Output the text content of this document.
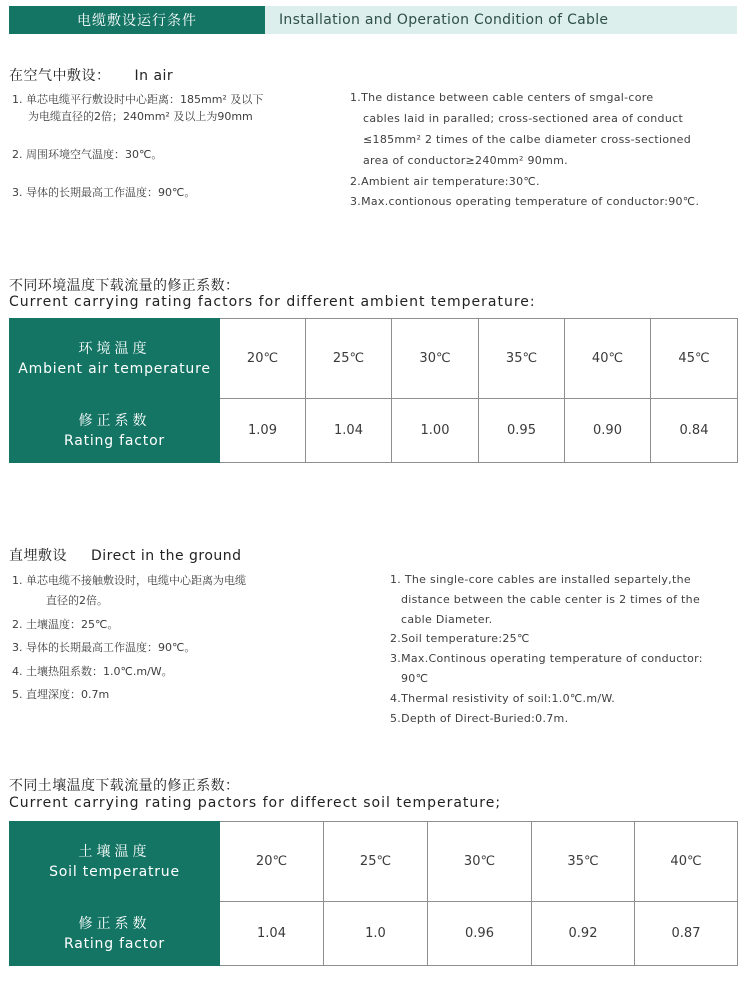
电缆敷设运行条件	Installation and Operation Condition of Cable
在空气中敷设： In air
1. 单芯电缆平行敷设时中心距离：185mm² 及以下
为电缆直径的2倍；240mm² 及以上为90mm
2. 周围环境空气温度：30℃。
3. 导体的长期最高工作温度：90℃。
1.The distance between cable centers of smgal-core
cables laid in paralled; cross-sectioned area of conduct
≤185mm² 2 times of the calbe diameter cross-sectioned
area of conductor≥240mm² 90mm.
2.Ambient air temperature:30℃.
3.Max.contionous operating temperature of conductor:90℃.
不同环境温度下载流量的修正系数：
Current carrying rating factors for different ambient temperature:
环境温度
Ambient air temperature	20℃	25℃	30℃	35℃	40℃	45℃

修正系数
Rating factor	1.09	1.04	1.00	0.95	0.90	0.84
直埋敷设 Direct in the ground
1. 单芯电缆不接触敷设时，电缆中心距离为电缆
直径的2倍。
2. 土壤温度：25℃。
3. 导体的长期最高工作温度：90℃。
4. 土壤热阻系数：1.0℃.m/W。
5. 直埋深度：0.7m
1. The single-core cables are installed separtely,the
distance between the cable center is 2 times of the
cable Diameter.
2.Soil temperature:25℃
3.Max.Continous operating temperature of conductor:
90℃
4.Thermal resistivity of soil:1.0℃.m/W.
5.Depth of Direct-Buried:0.7m.
不同土壤温度下载流量的修正系数：
Current carrying rating pactors for differect soil temperature;
土壤温度
Soil temperatrue	20℃	25℃	30℃	35℃	40℃

修正系数
Rating factor	1.04	1.0	0.96	0.92	0.87
